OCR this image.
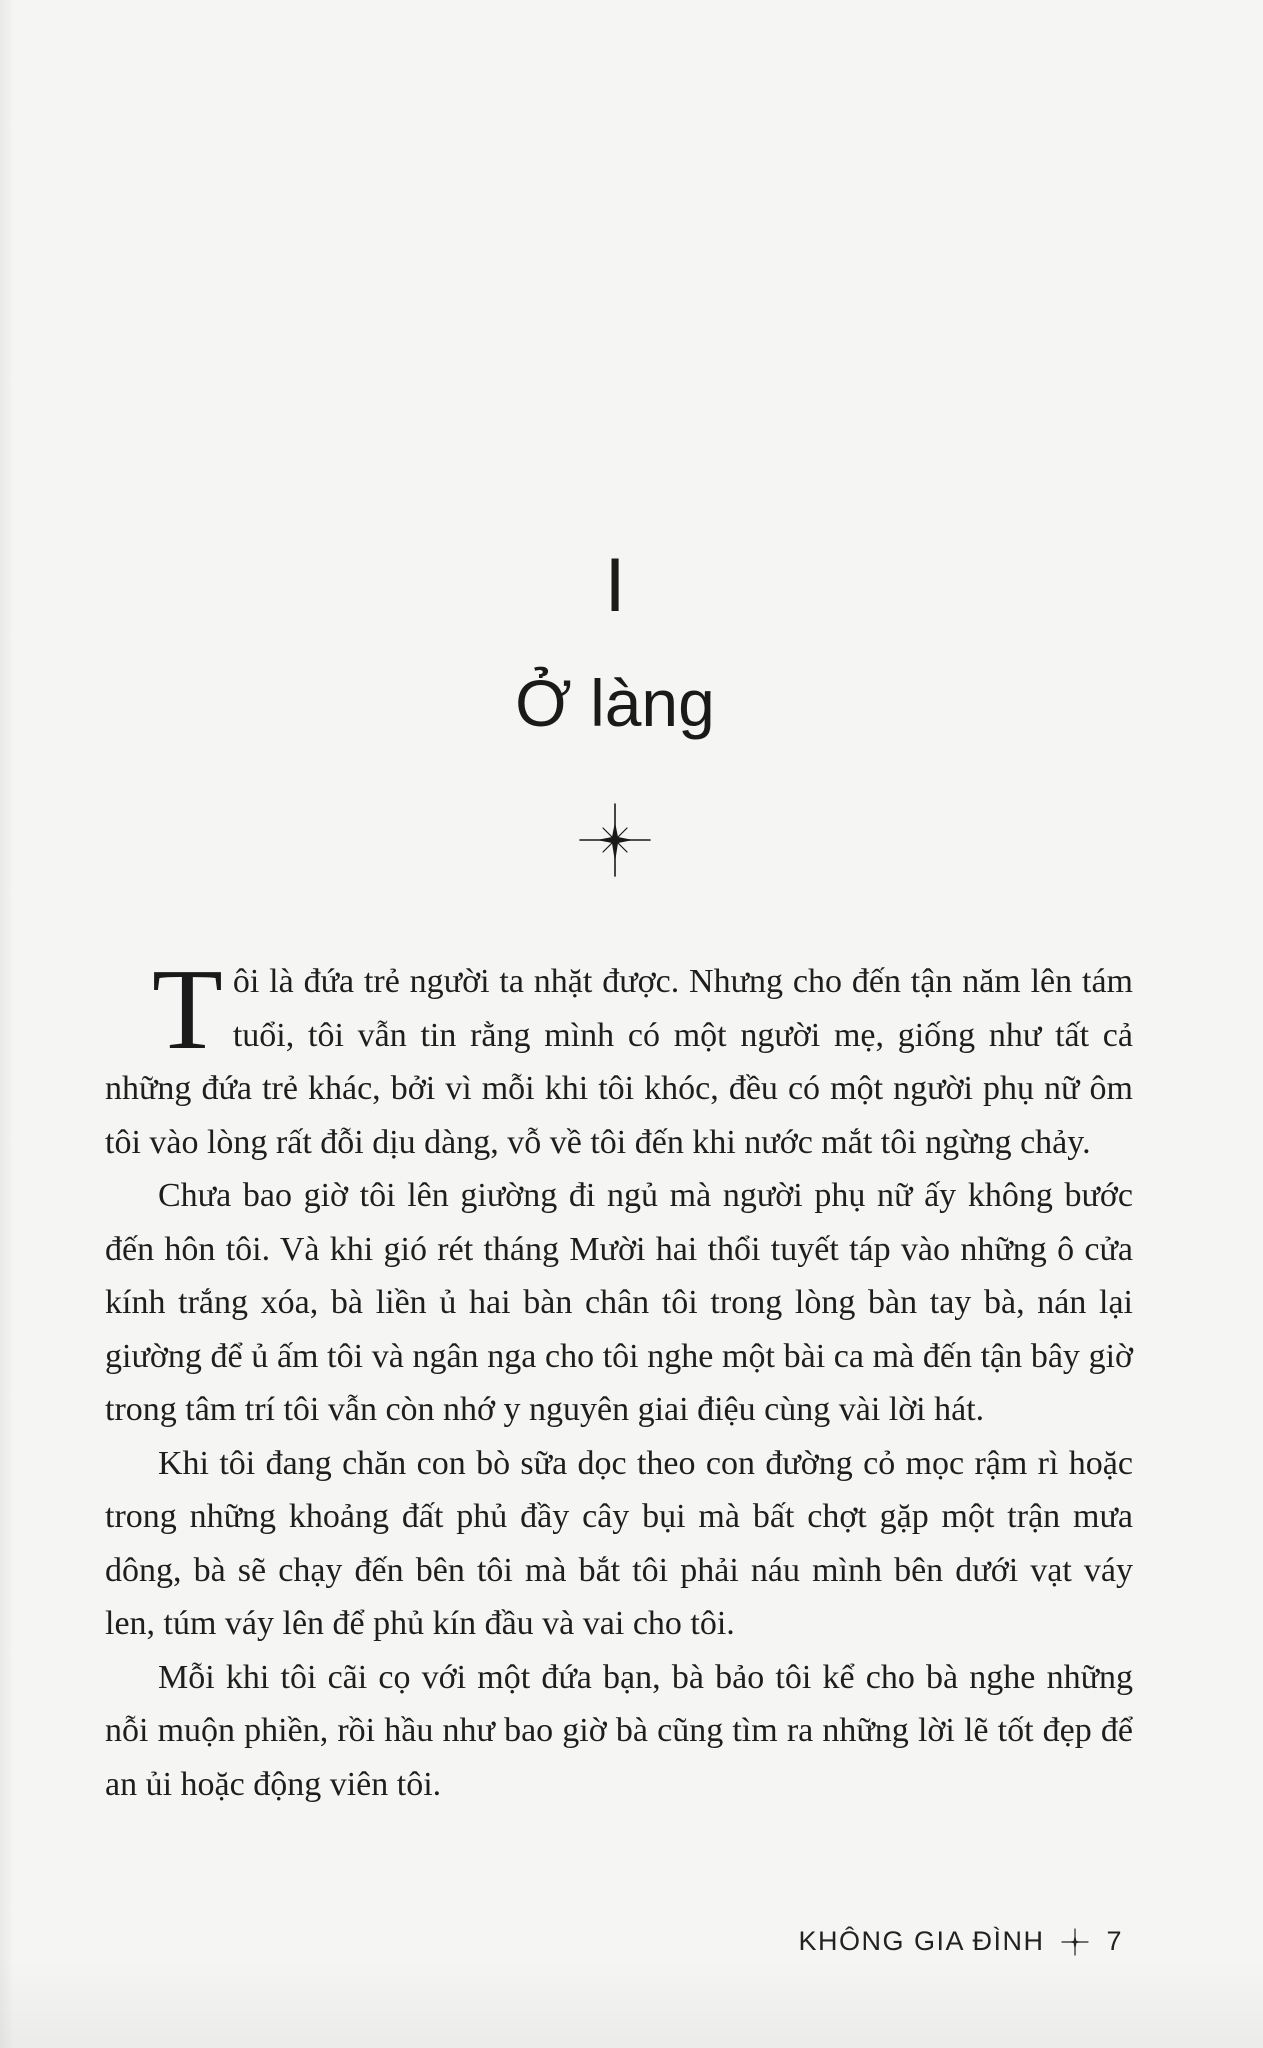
I
Ở làng

Tôi là đứa trẻ người ta nhặt được. Nhưng cho đến tận năm lên tám tuổi, tôi vẫn tin rằng mình có một người mẹ, giống như tất cả những đứa trẻ khác, bởi vì mỗi khi tôi khóc, đều có một người phụ nữ ôm tôi vào lòng rất đỗi dịu dàng, vỗ về tôi đến khi nước mắt tôi ngừng chảy.

Chưa bao giờ tôi lên giường đi ngủ mà người phụ nữ ấy không bước đến hôn tôi. Và khi gió rét tháng Mười hai thổi tuyết táp vào những ô cửa kính trắng xóa, bà liền ủ hai bàn chân tôi trong lòng bàn tay bà, nán lại giường để ủ ấm tôi và ngân nga cho tôi nghe một bài ca mà đến tận bây giờ trong tâm trí tôi vẫn còn nhớ y nguyên giai điệu cùng vài lời hát.

Khi tôi đang chăn con bò sữa dọc theo con đường cỏ mọc rậm rì hoặc trong những khoảng đất phủ đầy cây bụi mà bất chợt gặp một trận mưa dông, bà sẽ chạy đến bên tôi mà bắt tôi phải náu mình bên dưới vạt váy len, túm váy lên để phủ kín đầu và vai cho tôi.

Mỗi khi tôi cãi cọ với một đứa bạn, bà bảo tôi kể cho bà nghe những nỗi muộn phiền, rồi hầu như bao giờ bà cũng tìm ra những lời lẽ tốt đẹp để an ủi hoặc động viên tôi.

KHÔNG GIA ĐÌNH 7
